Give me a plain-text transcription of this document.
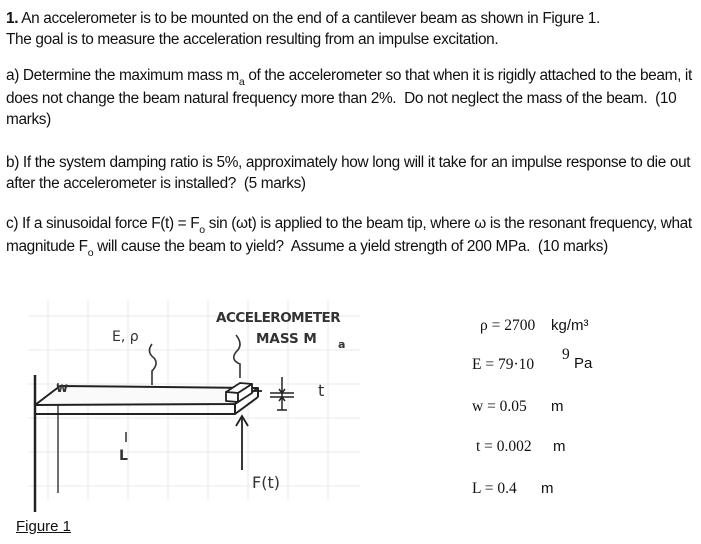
1. An accelerometer is to be mounted on the end of a cantilever beam as shown in Figure 1.
The goal is to measure the acceleration resulting from an impulse excitation.
a) Determine the maximum mass $m_a$ of the accelerometer so that when it is rigidly attached to the beam, it does not change the beam natural frequency more than 2%.  Do not neglect the mass of the beam.  (10 marks)
b) If the system damping ratio is 5%, approximately how long will it take for an impulse response to die out after the accelerometer is installed?  (5 marks)
c) If a sinusoidal force $F(t) = F_o$ sin (ωt) is applied to the beam tip, where ω is the resonant frequency, what magnitude $F_o$ will cause the beam to yield?  Assume a yield strength of 200 MPa.  (10 marks)
ACCELEROMETER
MASS M a
E, ρ
w	t
L
F(t)
ρ = 2700 kg/m³
E = 79·10
9
Pa
w = 0.05 m
t = 0.002 m
L = 0.4 m
Figure 1
